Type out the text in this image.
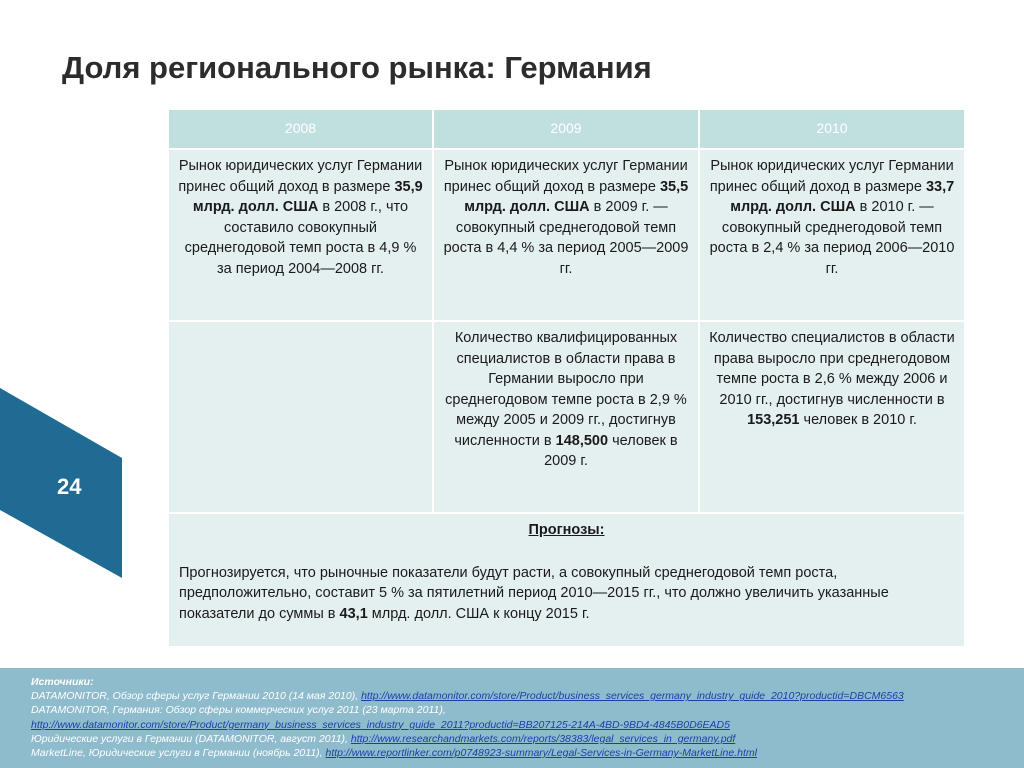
Доля регионального рынка: Германия
24
2008	2009	2010
Рынок юридических услуг Германии принес общий доход в размере 35,9 млрд. долл. США в 2008 г., что составило совокупный среднегодовой темп роста в 4,9 % за период 2004—2008 гг.	Рынок юридических услуг Германии принес общий доход в размере 35,5 млрд. долл. США в 2009 г. — совокупный среднегодовой темп роста в 4,4 % за период 2005—2009 гг.	Рынок юридических услуг Германии принес общий доход в размере 33,7 млрд. долл. США в 2010 г. — совокупный среднегодовой темп роста в 2,4 % за период 2006—2010 гг.
	Количество квалифицированных специалистов в области права в Германии выросло при среднегодовом темпе роста в 2,9 % между 2005 и 2009 гг., достигнув численности в 148,500 человек в 2009 г.	Количество специалистов в области права выросло при среднегодовом темпе роста в 2,6 % между 2006 и 2010 гг., достигнув численности в 153,251 человек в 2010 г.

Прогнозы:
Прогнозируется, что рыночные показатели будут расти, а совокупный среднегодовой темп роста, предположительно, составит 5 % за пятилетний период 2010—2015 гг., что должно увеличить указанные показатели до суммы в 43,1 млрд. долл. США к концу 2015 г.		
Источники:
DATAMONITOR, Обзор сферы услуг Германии 2010 (14 мая 2010), http://www.datamonitor.com/store/Product/business_services_germany_industry_guide_2010?productid=DBCM6563
DATAMONITOR, Германия: Обзор сферы коммерческих услуг 2011 (23 марта 2011),
http://www.datamonitor.com/store/Product/germany_business_services_industry_guide_2011?productid=BB207125-214A-4BD-9BD4-4845B0D6EAD5
Юридические услуги в Германии (DATAMONITOR, август 2011), http://www.researchandmarkets.com/reports/38383/legal_services_in_germany.pdf
MarketLine, Юридические услуги в Германии (ноябрь 2011), http://www.reportlinker.com/p0748923-summary/Legal-Services-in-Germany-MarketLine.html
